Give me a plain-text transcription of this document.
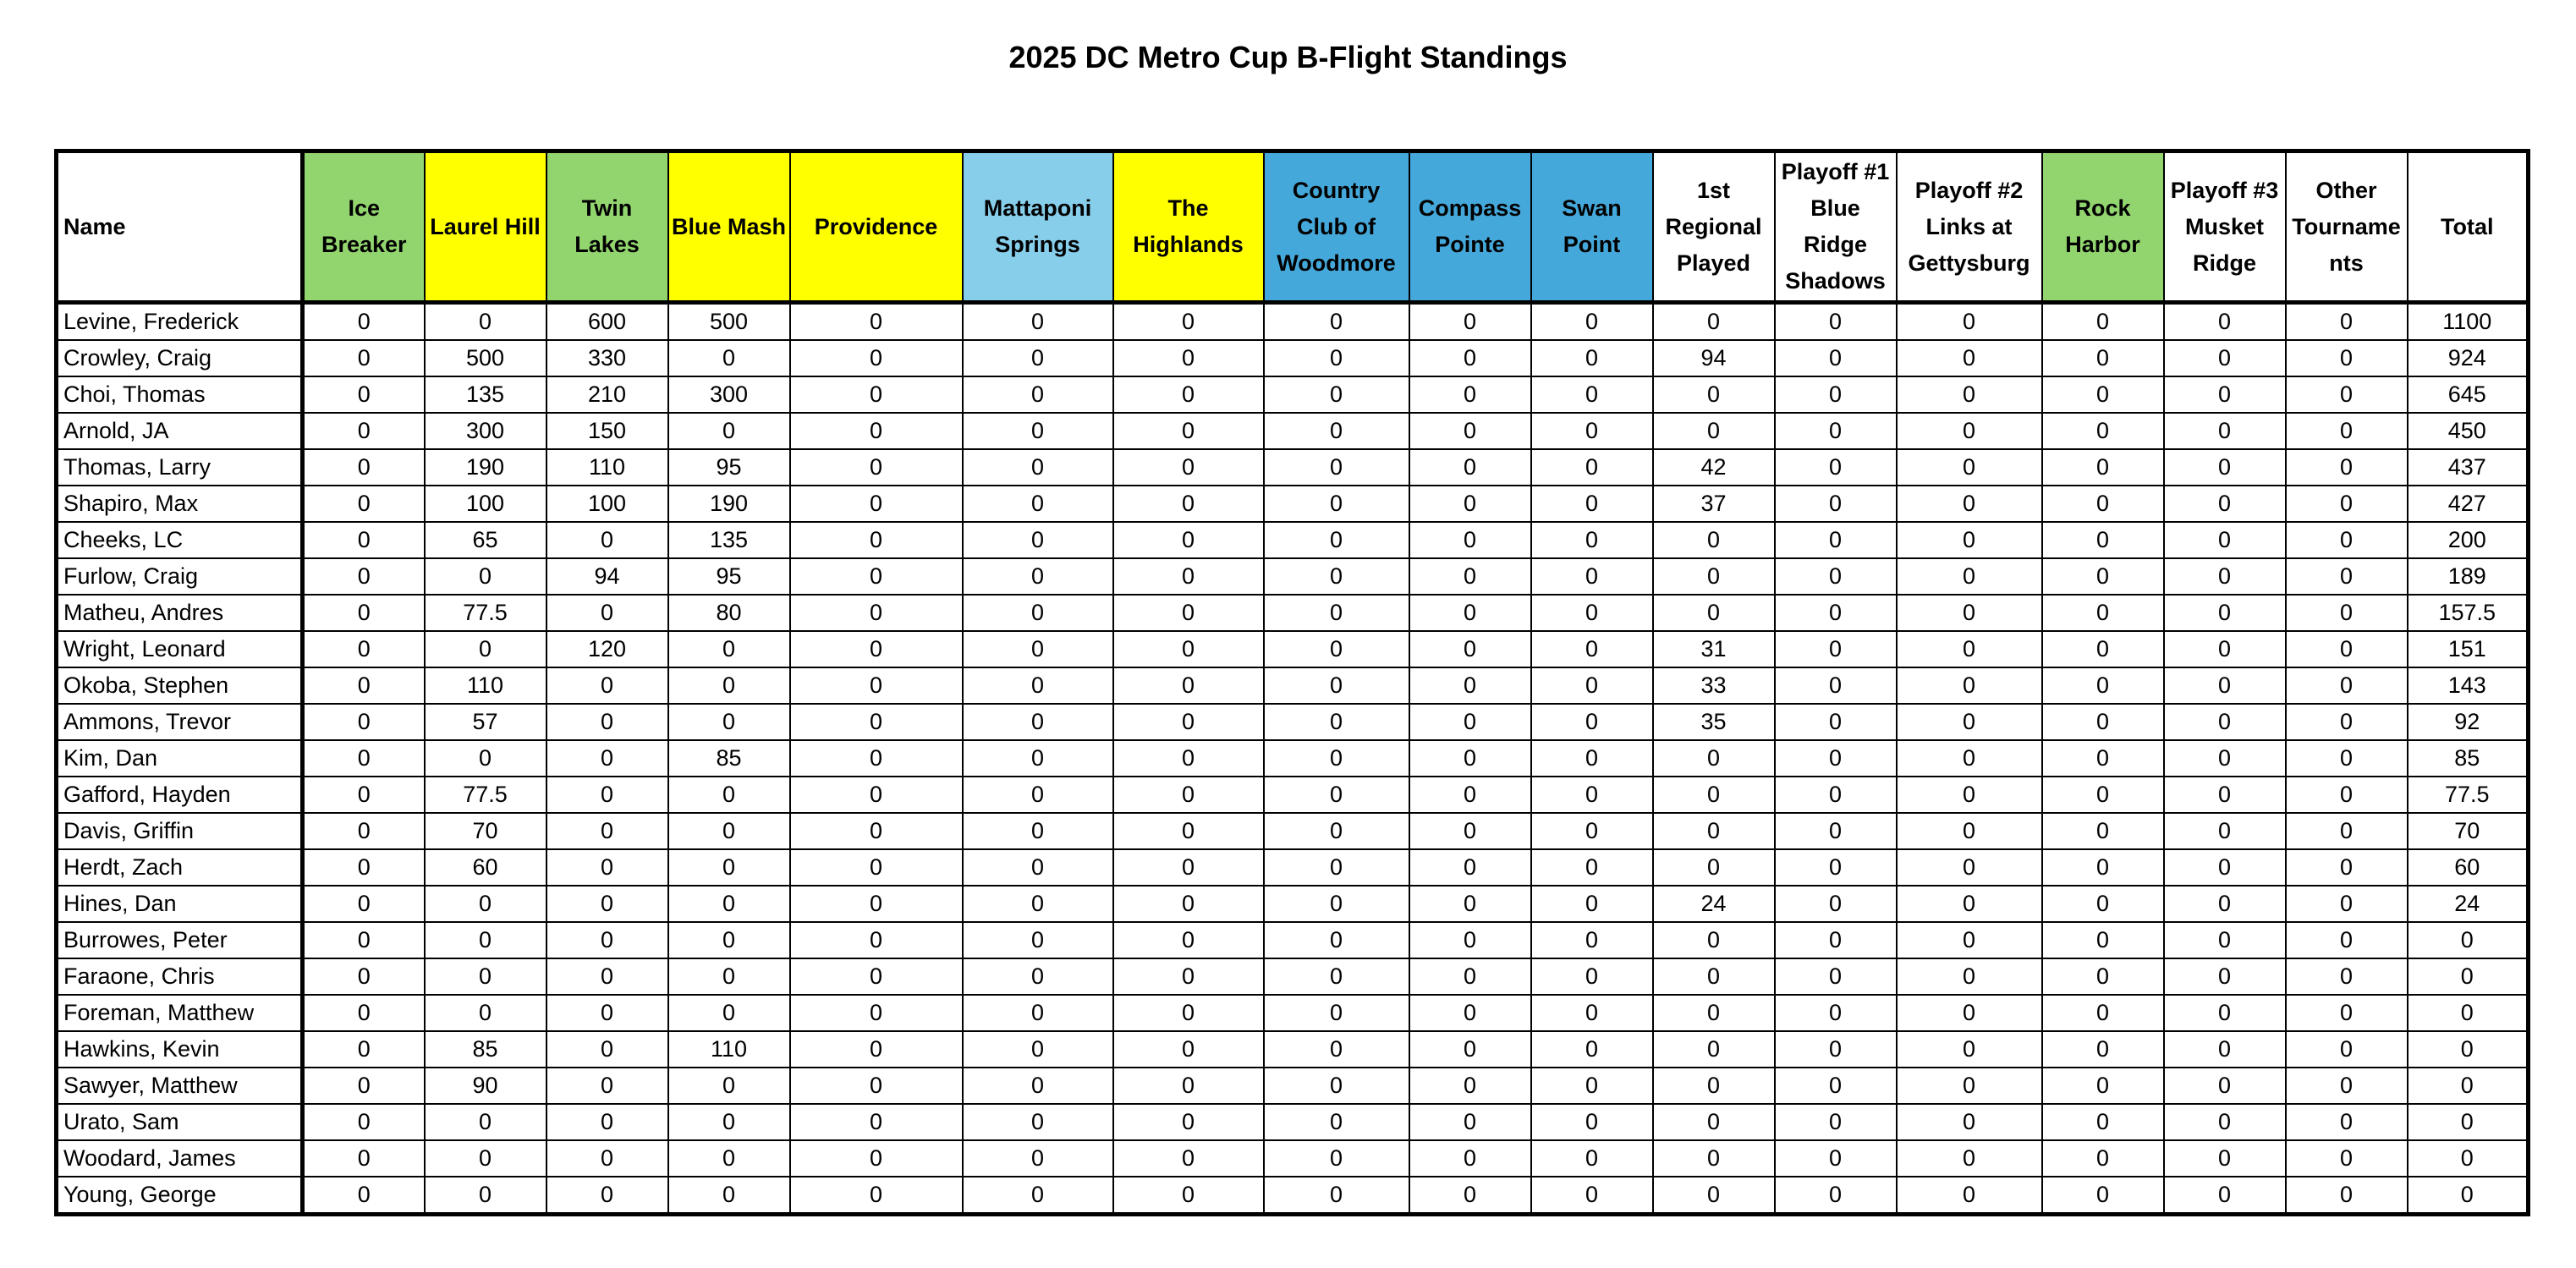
2025 DC Metro Cup B-Flight Standings
Name	Ice
Breaker	Laurel Hill	Twin
Lakes	Blue Mash	Providence	Mattaponi
Springs	The
Highlands	Country
Club of
Woodmore	Compass
Pointe	Swan
Point	1st
Regional
Played	Playoff #1
Blue
Ridge
Shadows	Playoff #2
Links at
Gettysburg	Rock
Harbor	Playoff #3
Musket
Ridge	Other
Tourname
nts	Total
Levine, Frederick	0	0	600	500	0	0	0	0	0	0	0	0	0	0	0	0	1100
Crowley, Craig	0	500	330	0	0	0	0	0	0	0	94	0	0	0	0	0	924
Choi, Thomas	0	135	210	300	0	0	0	0	0	0	0	0	0	0	0	0	645
Arnold, JA	0	300	150	0	0	0	0	0	0	0	0	0	0	0	0	0	450
Thomas, Larry	0	190	110	95	0	0	0	0	0	0	42	0	0	0	0	0	437
Shapiro, Max	0	100	100	190	0	0	0	0	0	0	37	0	0	0	0	0	427
Cheeks, LC	0	65	0	135	0	0	0	0	0	0	0	0	0	0	0	0	200
Furlow, Craig	0	0	94	95	0	0	0	0	0	0	0	0	0	0	0	0	189
Matheu, Andres	0	77.5	0	80	0	0	0	0	0	0	0	0	0	0	0	0	157.5
Wright, Leonard	0	0	120	0	0	0	0	0	0	0	31	0	0	0	0	0	151
Okoba, Stephen	0	110	0	0	0	0	0	0	0	0	33	0	0	0	0	0	143
Ammons, Trevor	0	57	0	0	0	0	0	0	0	0	35	0	0	0	0	0	92
Kim, Dan	0	0	0	85	0	0	0	0	0	0	0	0	0	0	0	0	85
Gafford, Hayden	0	77.5	0	0	0	0	0	0	0	0	0	0	0	0	0	0	77.5
Davis, Griffin	0	70	0	0	0	0	0	0	0	0	0	0	0	0	0	0	70
Herdt, Zach	0	60	0	0	0	0	0	0	0	0	0	0	0	0	0	0	60
Hines, Dan	0	0	0	0	0	0	0	0	0	0	24	0	0	0	0	0	24
Burrowes, Peter	0	0	0	0	0	0	0	0	0	0	0	0	0	0	0	0	0
Faraone, Chris	0	0	0	0	0	0	0	0	0	0	0	0	0	0	0	0	0
Foreman, Matthew	0	0	0	0	0	0	0	0	0	0	0	0	0	0	0	0	0
Hawkins, Kevin	0	85	0	110	0	0	0	0	0	0	0	0	0	0	0	0	0
Sawyer, Matthew	0	90	0	0	0	0	0	0	0	0	0	0	0	0	0	0	0
Urato, Sam	0	0	0	0	0	0	0	0	0	0	0	0	0	0	0	0	0
Woodard, James	0	0	0	0	0	0	0	0	0	0	0	0	0	0	0	0	0
Young, George	0	0	0	0	0	0	0	0	0	0	0	0	0	0	0	0	0
